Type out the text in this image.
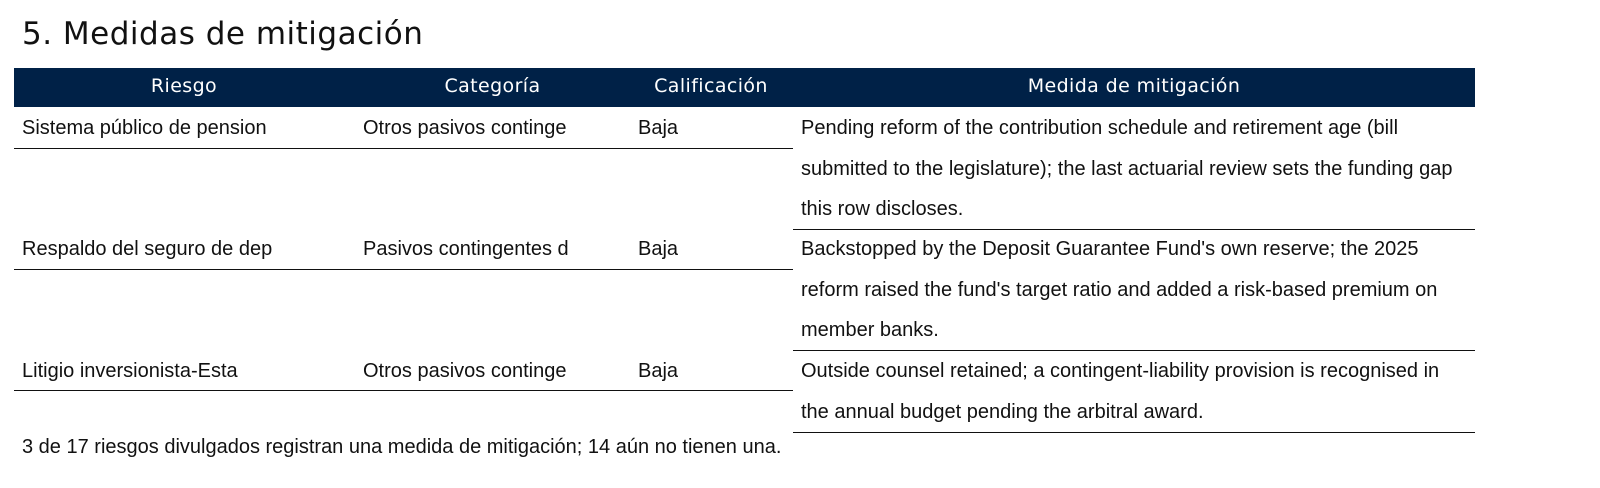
5. Medidas de mitigación
Riesgo	Categoría	Calificación	Medida de mitigación
Sistema público de pension	Otros pasivos continge	Baja	Pending reform of the contribution schedule and retirement age (bill submitted to the legislature); the last actuarial review sets the funding gap this row discloses.
Respaldo del seguro de dep	Pasivos contingentes d	Baja	Backstopped by the Deposit Guarantee Fund's own reserve; the 2025 reform raised the fund's target ratio and added a risk-based premium on member banks.
Litigio inversionista-Esta	Otros pasivos continge	Baja	Outside counsel retained; a contingent-liability provision is recognised in the annual budget pending the arbitral award.
3 de 17 riesgos divulgados registran una medida de mitigación; 14 aún no tienen una.
